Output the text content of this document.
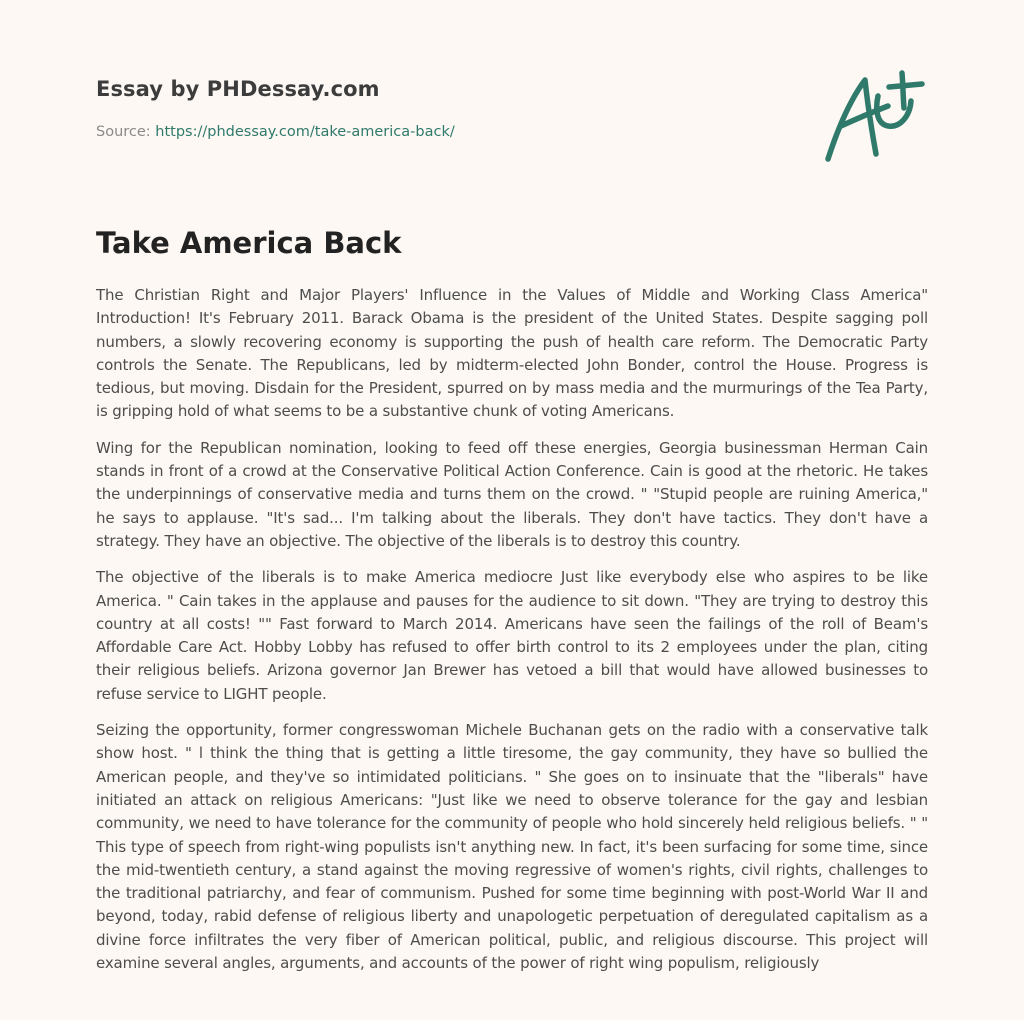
Essay by PHDessay.com
Source: https://phdessay.com/take-america-back/
Take America Back

The Christian Right and Major Players' Influence in the Values of Middle and Working Class America" Introduction! It's February 2011. Barack Obama is the president of the United States. Despite sagging poll numbers, a slowly recovering economy is supporting the push of health care reform. The Democratic Party controls the Senate. The Republicans, led by midterm-elected John Bonder, control the House. Progress is tedious, but moving. Disdain for the President, spurred on by mass media and the murmurings of the Tea Party, is gripping hold of what seems to be a substantive chunk of voting Americans.

Wing for the Republican nomination, looking to feed off these energies, Georgia businessman Herman Cain stands in front of a crowd at the Conservative Political Action Conference. Cain is good at the rhetoric. He takes the underpinnings of conservative media and turns them on the crowd. " "Stupid people are ruining America," he says to applause. "It's sad... I'm talking about the liberals. They don't have tactics. They don't have a strategy. They have an objective. The objective of the liberals is to destroy this country.

The objective of the liberals is to make America mediocre Just like everybody else who aspires to be like America. " Cain takes in the applause and pauses for the audience to sit down. "They are trying to destroy this country at all costs! "" Fast forward to March 2014. Americans have seen the failings of the roll of Beam's Affordable Care Act. Hobby Lobby has refused to offer birth control to its 2 employees under the plan, citing their religious beliefs. Arizona governor Jan Brewer has vetoed a bill that would have allowed businesses to refuse service to LIGHT people.

Seizing the opportunity, former congresswoman Michele Buchanan gets on the radio with a conservative talk show host. " l think the thing that is getting a little tiresome, the gay community, they have so bullied the American people, and they've so intimidated politicians. " She goes on to insinuate that the "liberals" have initiated an attack on religious Americans: "Just like we need to observe tolerance for the gay and lesbian community, we need to have tolerance for the community of people who hold sincerely held religious beliefs. " " This type of speech from right-wing populists isn't anything new. In fact, it's been surfacing for some time, since the mid-twentieth century, a stand against the moving regressive of women's rights, civil rights, challenges to the traditional patriarchy, and fear of communism. Pushed for some time beginning with post-World War II and beyond, today, rabid defense of religious liberty and unapologetic perpetuation of deregulated capitalism as a divine force infiltrates the very fiber of American political, public, and religious discourse. This project will examine several angles, arguments, and accounts of the power of right wing populism, religiously
